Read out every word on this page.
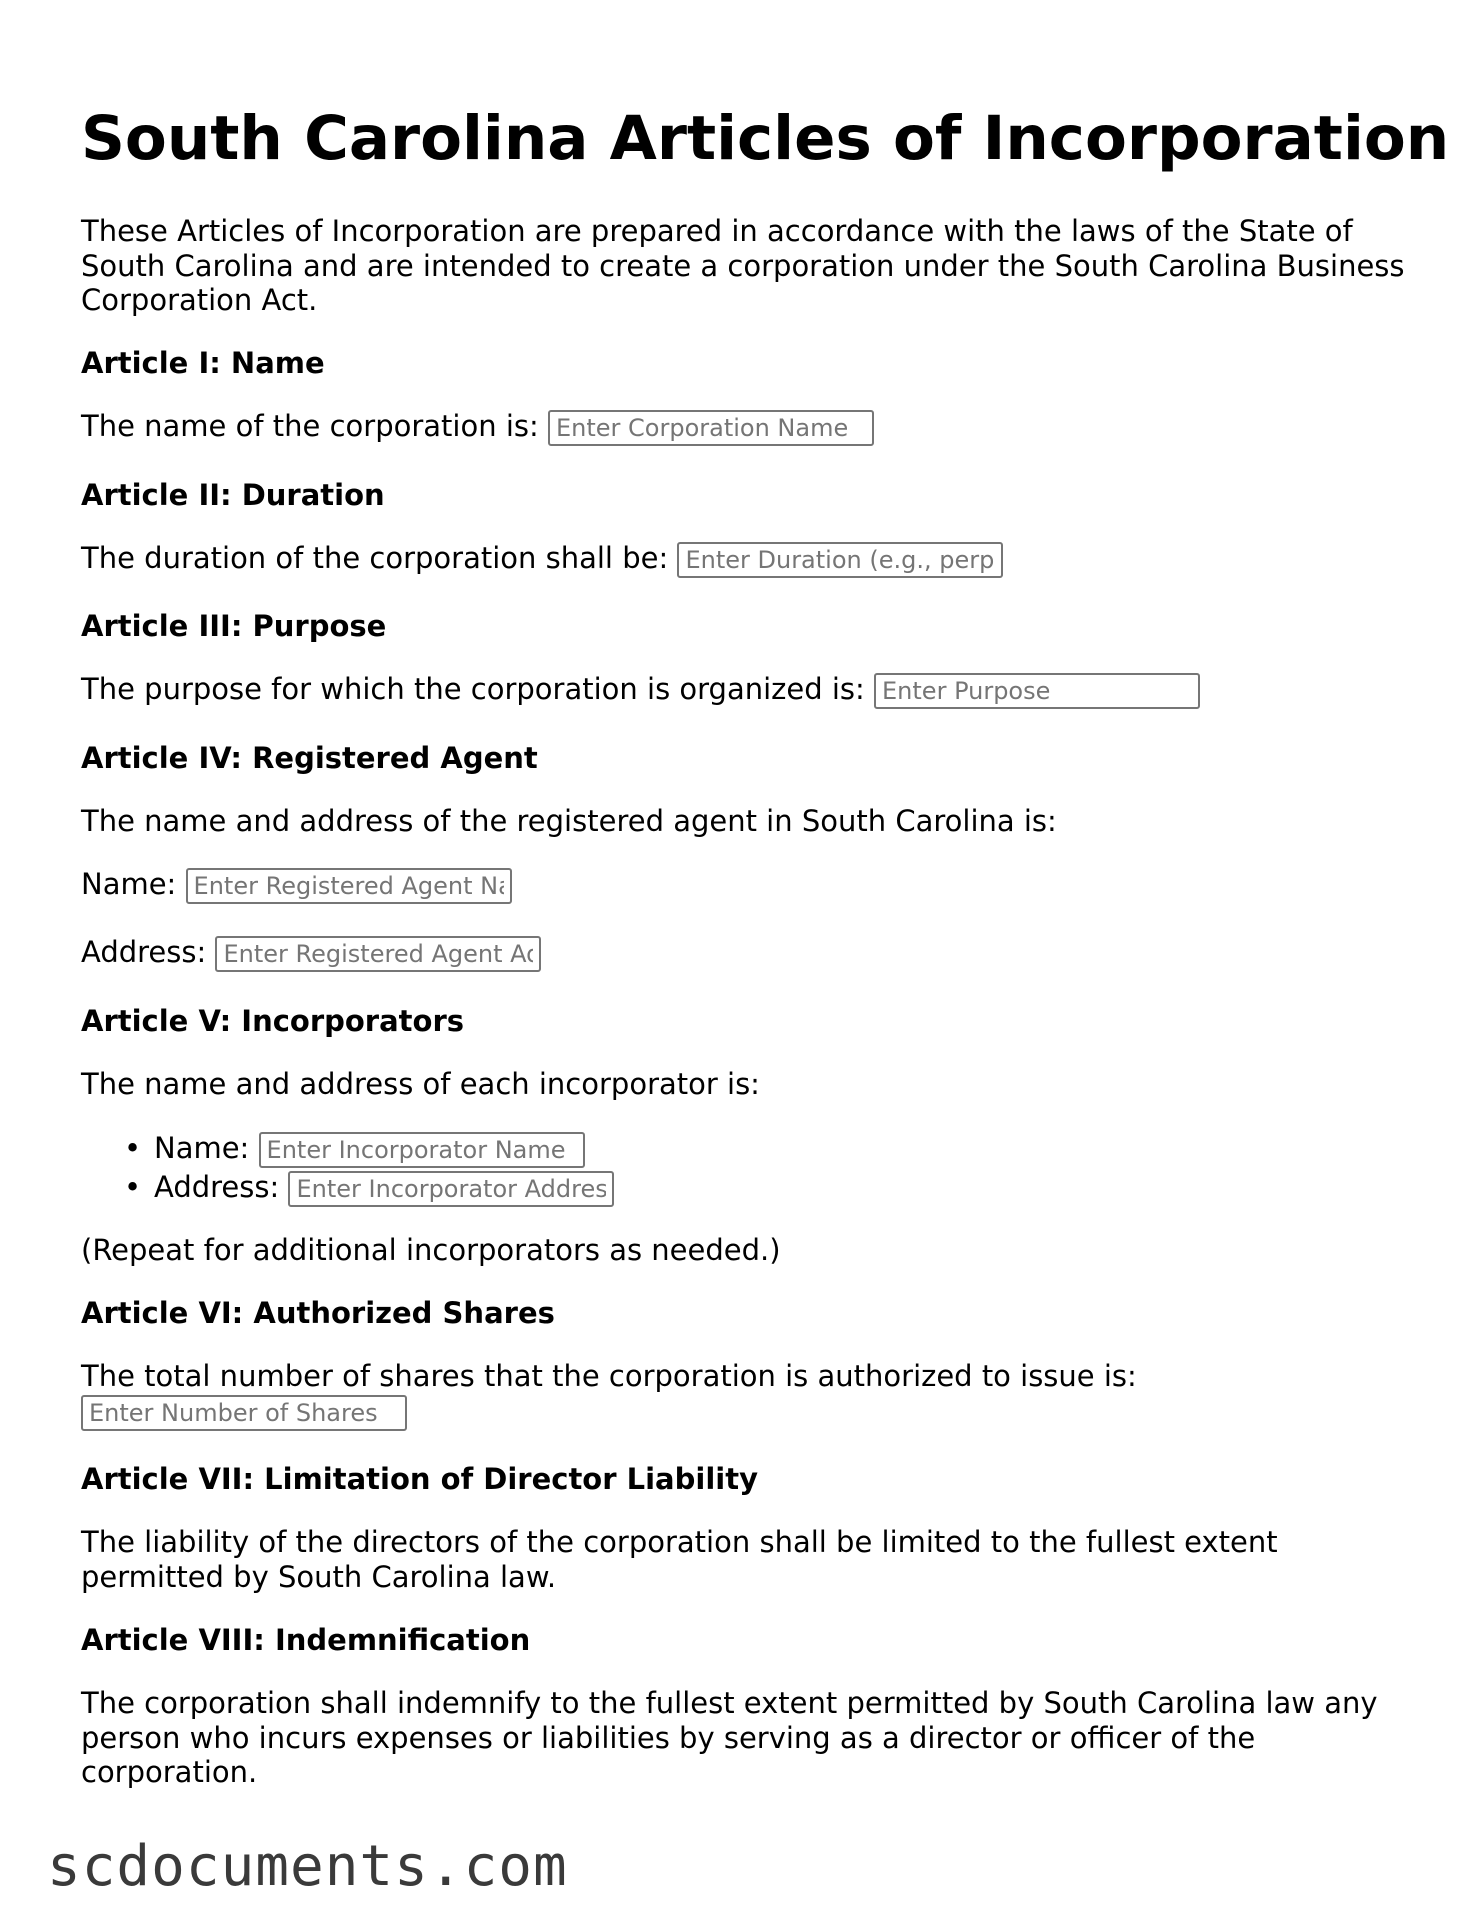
South Carolina Articles of Incorporation

These Articles of Incorporation are prepared in accordance with the laws of the State of South Carolina and are intended to create a corporation under the South Carolina Business Corporation Act.

Article I: Name
The name of the corporation is: Enter Corporation Name
Article II: Duration
The duration of the corporation shall be: Enter Duration (e.g., perpetual)
Article III: Purpose
The purpose for which the corporation is organized is: Enter Purpose
Article IV: Registered Agent

The name and address of the registered agent in South Carolina is:

Name: Enter Registered Agent Name
Address: Enter Registered Agent Address
Article V: Incorporators

The name and address of each incorporator is:

• Name: Enter Incorporator Name
• Address: Enter Incorporator Address

(Repeat for additional incorporators as needed.)

Article VI: Authorized Shares

The total number of shares that the corporation is authorized to issue is:

Enter Number of Shares
Article VII: Limitation of Director Liability

The liability of the directors of the corporation shall be limited to the fullest extent permitted by South Carolina law.

Article VIII: Indemnification

The corporation shall indemnify to the fullest extent permitted by South Carolina law any person who incurs expenses or liabilities by serving as a director or officer of the corporation.

scdocuments.com
